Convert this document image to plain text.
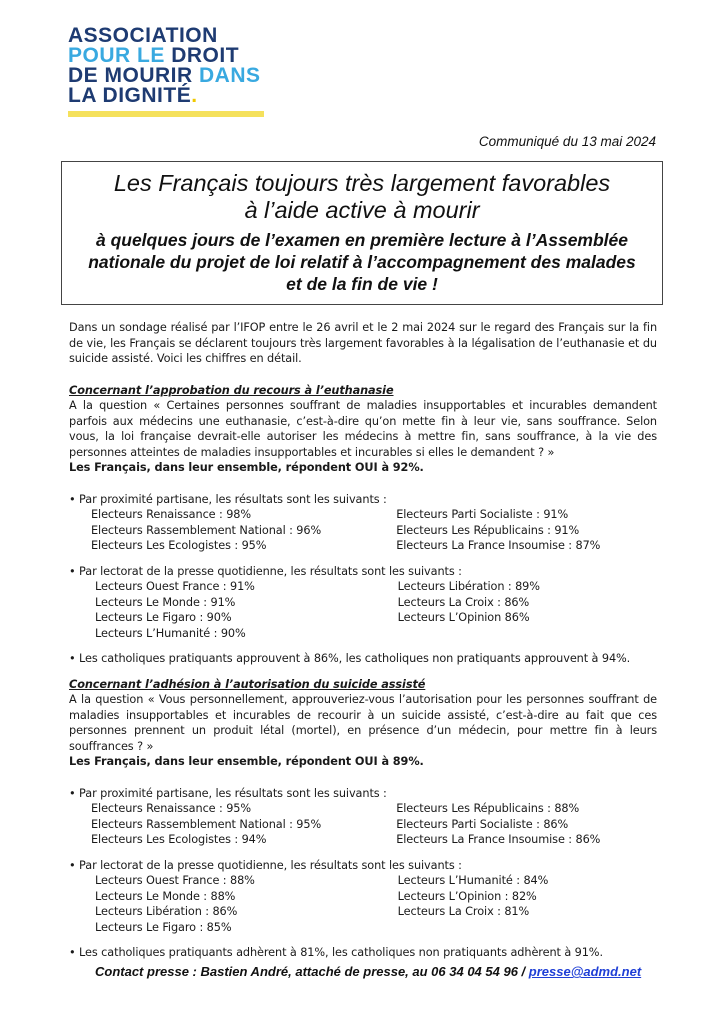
ASSOCIATION
POUR LE DROIT
DE MOURIR DANS
LA DIGNITÉ.
Communiqué du 13 mai 2024
Les Français toujours très largement favorables
à l’aide active à mourir
à quelques jours de l’examen en première lecture à l’Assemblée
nationale du projet de loi relatif à l’accompagnement des malades
et de la fin de vie !

Dans un sondage réalisé par l’IFOP entre le 26 avril et le 2 mai 2024 sur le regard des Français sur la fin de vie, les Français se déclarent toujours très largement favorables à la légalisation de l’euthanasie et du suicide assisté. Voici les chiffres en détail.

Concernant l’approbation du recours à l’euthanasie

A la question « Certaines personnes souffrant de maladies insupportables et incurables demandent parfois aux médecins une euthanasie, c’est-à-dire qu’on mette fin à leur vie, sans souffrance. Selon vous, la loi française devrait-elle autoriser les médecins à mettre fin, sans souffrance, à la vie des personnes atteintes de maladies insupportables et incurables si elles le demandent ? »

Les Français, dans leur ensemble, répondent OUI à 92%.
• Par proximité partisane, les résultats sont les suivants :
Electeurs Renaissance : 98%
Electeurs Rassemblement National : 96%
Electeurs Les Ecologistes : 95%
Electeurs Parti Socialiste : 91%
Electeurs Les Républicains : 91%
Electeurs La France Insoumise : 87%
• Par lectorat de la presse quotidienne, les résultats sont les suivants :
Lecteurs Ouest France : 91%
Lecteurs Le Monde : 91%
Lecteurs Le Figaro : 90%
Lecteurs L’Humanité : 90%
Lecteurs Libération : 89%
Lecteurs La Croix : 86%
Lecteurs L’Opinion 86%
• Les catholiques pratiquants approuvent à 86%, les catholiques non pratiquants approuvent à 94%.
Concernant l’adhésion à l’autorisation du suicide assisté

A la question « Vous personnellement, approuveriez-vous l’autorisation pour les personnes souffrant de maladies insupportables et incurables de recourir à un suicide assisté, c’est-à-dire au fait que ces personnes prennent un produit létal (mortel), en présence d’un médecin, pour mettre fin à leurs souffrances ? »

Les Français, dans leur ensemble, répondent OUI à 89%.
• Par proximité partisane, les résultats sont les suivants :
Electeurs Renaissance : 95%
Electeurs Rassemblement National : 95%
Electeurs Les Ecologistes : 94%
Electeurs Les Républicains : 88%
Electeurs Parti Socialiste : 86%
Electeurs La France Insoumise : 86%
• Par lectorat de la presse quotidienne, les résultats sont les suivants :
Lecteurs Ouest France : 88%
Lecteurs Le Monde : 88%
Lecteurs Libération : 86%
Lecteurs Le Figaro : 85%
Lecteurs L’Humanité : 84%
Lecteurs L’Opinion : 82%
Lecteurs La Croix : 81%
• Les catholiques pratiquants adhèrent à 81%, les catholiques non pratiquants adhèrent à 91%.
Contact presse : Bastien André, attaché de presse, au 06 34 04 54 96 / presse@admd.net
